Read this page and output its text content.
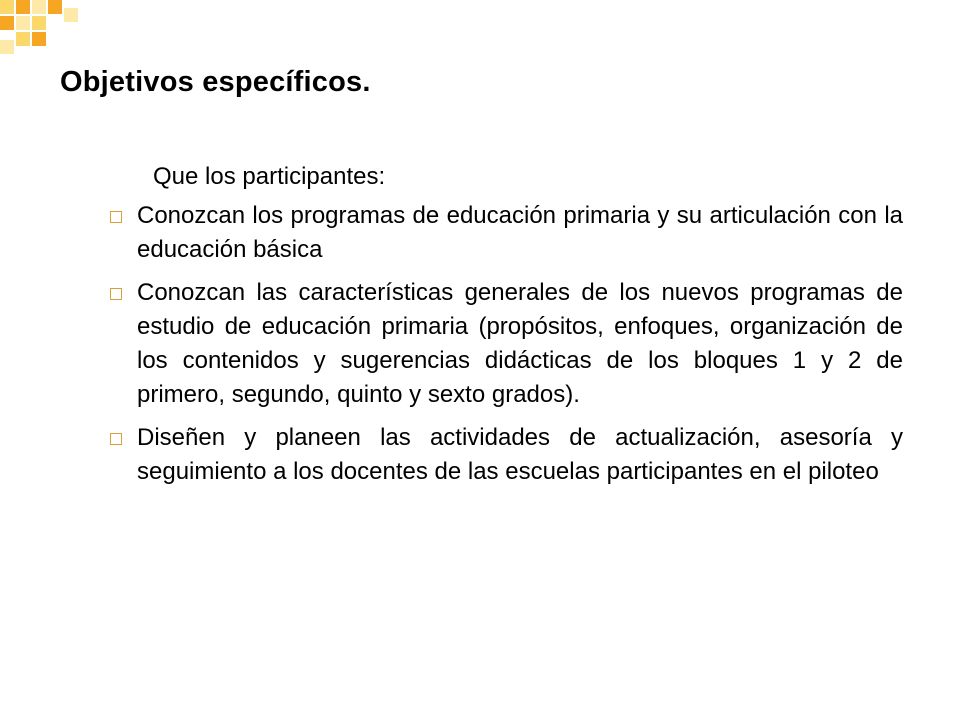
Objetivos específicos.

Que los participantes:

Conozcan los programas de educación primaria y su articulación con la educación básica
Conozcan las características generales de los nuevos programas de estudio de educación primaria (propósitos, enfoques, organización de los contenidos y sugerencias didácticas de los bloques 1 y 2 de primero, segundo, quinto y sexto grados).
Diseñen y planeen las actividades de actualización, asesoría y seguimiento a los docentes de las escuelas participantes en el piloteo
